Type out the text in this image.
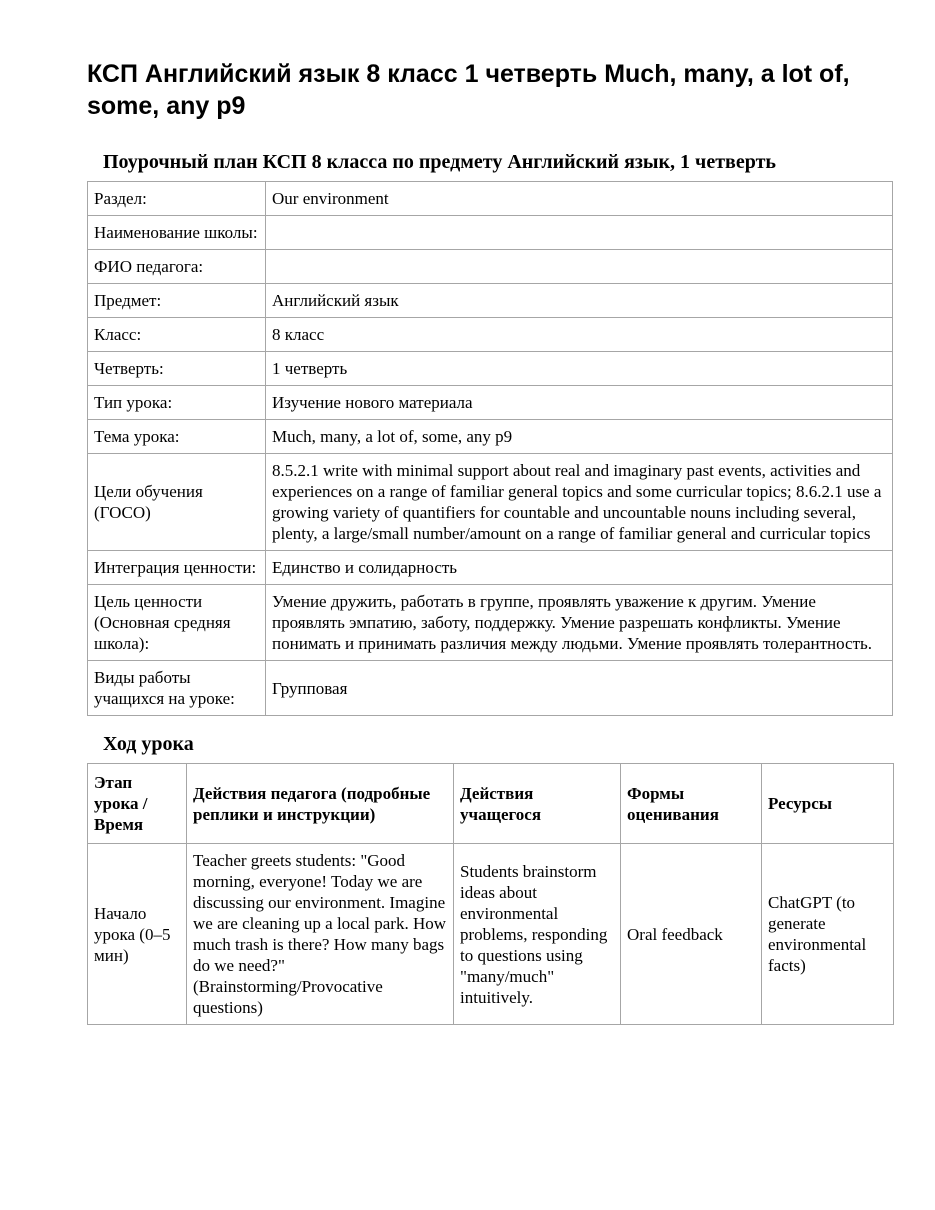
КСП Английский язык 8 класс 1 четверть Much, many, a lot of, some, any p9
Поурочный план КСП 8 класса по предмету Английский язык, 1 четверть
Раздел:	Our environment
Наименование школы:	
ФИО педагога:	
Предмет:	Английский язык
Класс:	8 класс
Четверть:	1 четверть
Тип урока:	Изучение нового материала
Тема урока:	Much, many, a lot of, some, any p9
Цели обучения (ГОСО)	8.5.2.1 write with minimal support about real and imaginary past events, activities and experiences on a range of familiar general topics and some curricular topics; 8.6.2.1 use a growing variety of quantifiers for countable and uncountable nouns including several, plenty, a large/small number/amount on a range of familiar general and curricular topics
Интеграция ценности:	Единство и солидарность
Цель ценности (Основная средняя школа):	Умение дружить, работать в группе, проявлять уважение к другим. Умение проявлять эмпатию, заботу, поддержку. Умение разрешать конфликты. Умение понимать и принимать различия между людьми. Умение проявлять толерантность.
Виды работы учащихся на уроке:	Групповая
Ход урока
Этап урока / Время	Действия педагога (подробные реплики и инструкции)	Действия учащегося	Формы оценивания	Ресурсы
Начало урока (0–5 мин)	Teacher greets students: "Good morning, everyone! Today we are discussing our environment. Imagine we are cleaning up a local park. How much trash is there? How many bags do we need?" (Brainstorming/Provocative questions)	Students brainstorm ideas about environmental problems, responding to questions using "many/much" intuitively.	Oral feedback	ChatGPT (to generate environmental facts)
